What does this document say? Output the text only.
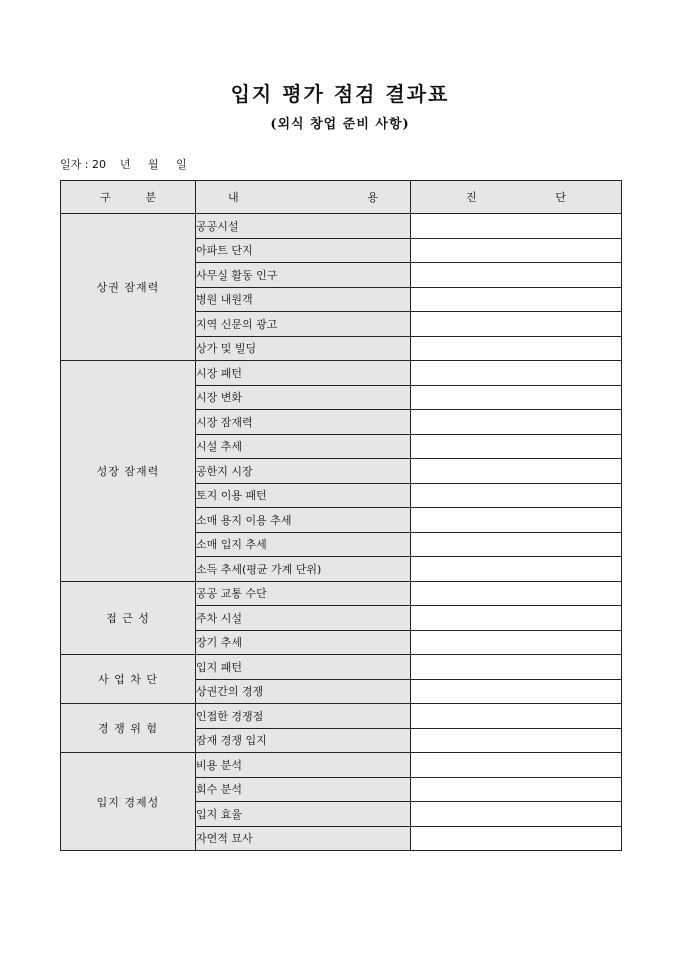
입지 평가 점검 결과표
(외식 창업 준비 사항)
일자 : 20    년     월     일
구 분	내 용	진 단

상권 잠재력	공공시설	
	아파트 단지	
	사무실 활동 인구	
	병원 내원객	
	지역 신문의 광고	
	상가 및 빌딩	
성장 잠재력	시장 패턴	
	시장 변화	
	시장 잠재력	
	시설 추세	
	공한지 시장	
	토지 이용 패턴	
	소매 용지 이용 추세	
	소매 입지 추세	
	소득 추세(평균 가계 단위)	
접 근 성	공공 교통 수단	
	주차 시설	
	장기 추세	
사 업 차 단	입지 패턴	
	상권간의 경쟁	
경 쟁 위 험	인접한 경쟁점	
	잠재 경쟁 입지	
입지 경제성	비용 분석	
	회수 분석	
	입지 효율	
	자연적 묘사	
